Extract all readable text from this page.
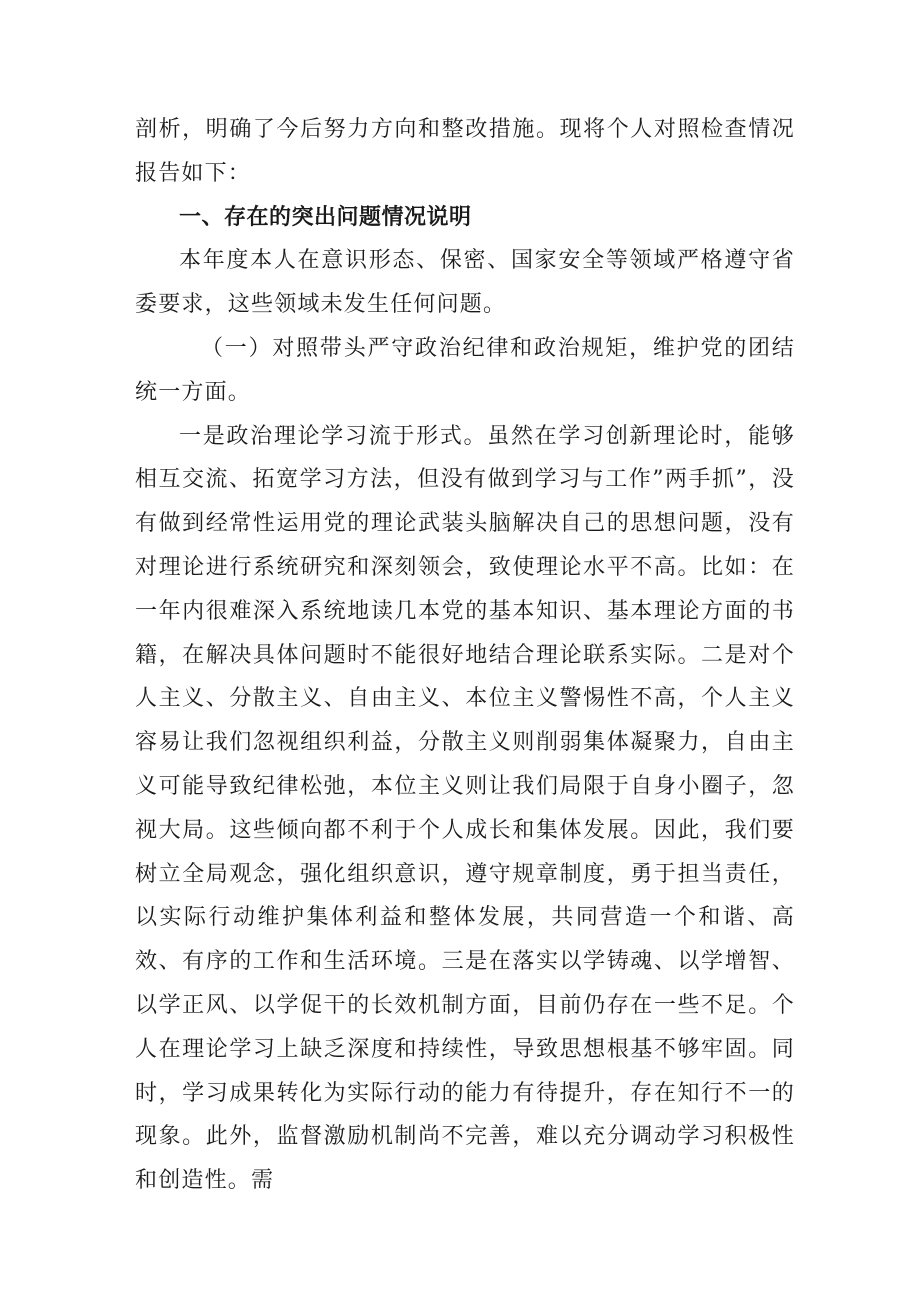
剖析，明确了今后努力方向和整改措施。现将个人对照检查情况报告如下：

一、存在的突出问题情况说明

本年度本人在意识形态、保密、国家安全等领域严格遵守省委要求，这些领域未发生任何问题。

（一）对照带头严守政治纪律和政治规矩，维护党的团结统一方面。

一是政治理论学习流于形式。虽然在学习创新理论时，能够相互交流、拓宽学习方法，但没有做到学习与工作”两手抓”，没有做到经常性运用党的理论武装头脑解决自己的思想问题，没有对理论进行系统研究和深刻领会，致使理论水平不高。比如：在一年内很难深入系统地读几本党的基本知识、基本理论方面的书籍，在解决具体问题时不能很好地结合理论联系实际。二是对个人主义、分散主义、自由主义、本位主义警惕性不高，个人主义容易让我们忽视组织利益，分散主义则削弱集体凝聚力，自由主义可能导致纪律松弛，本位主义则让我们局限于自身小圈子，忽视大局。这些倾向都不利于个人成长和集体发展。因此，我们要树立全局观念，强化组织意识，遵守规章制度，勇于担当责任，以实际行动维护集体利益和整体发展，共同营造一个和谐、高效、有序的工作和生活环境。三是在落实以学铸魂、以学增智、以学正风、以学促干的长效机制方面，目前仍存在一些不足。个人在理论学习上缺乏深度和持续性，导致思想根基不够牢固。同时，学习成果转化为实际行动的能力有待提升，存在知行不一的现象。此外，监督激励机制尚不完善，难以充分调动学习积极性和创造性。需
